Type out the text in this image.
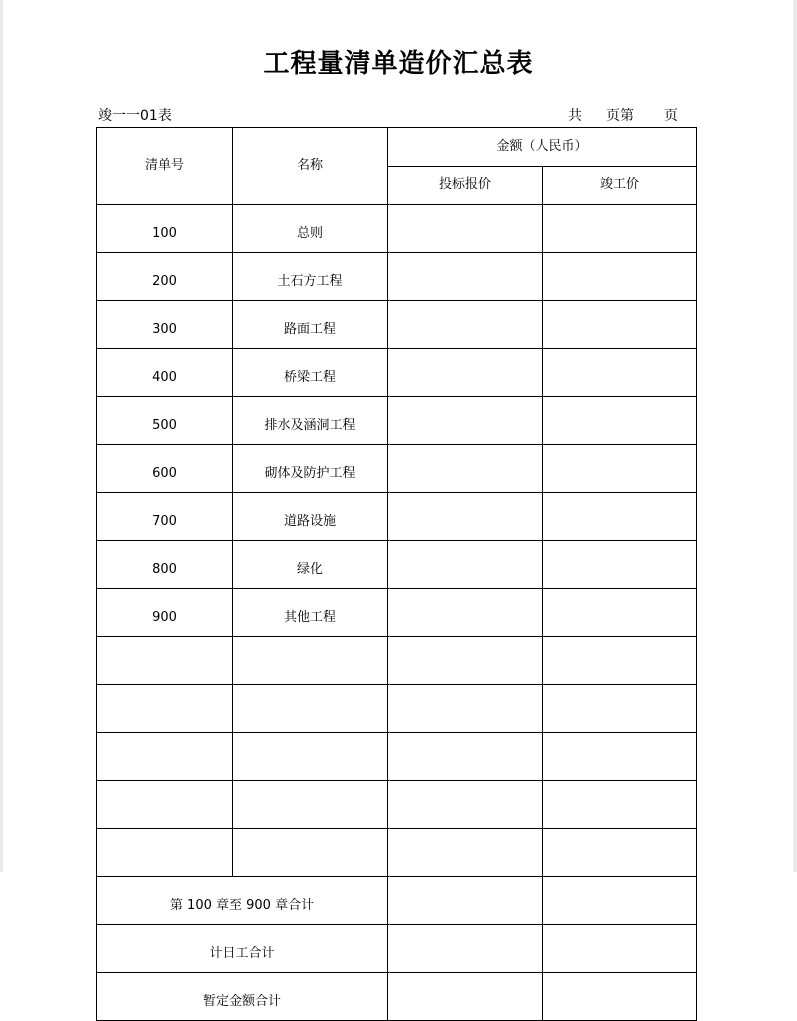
工程量清单造价汇总表
竣一一01表	共 页第 页
清单号	名称	金额（人民币）	
		投标报价	竣工价
100	总则		
200	土石方工程		
300	路面工程		
400	桥梁工程		
500	排水及涵洞工程		
600	砌体及防护工程		
700	道路设施		
800	绿化		
900	其他工程		

第 100 章至 900 章合计			
计日工合计			
暂定金额合计			
